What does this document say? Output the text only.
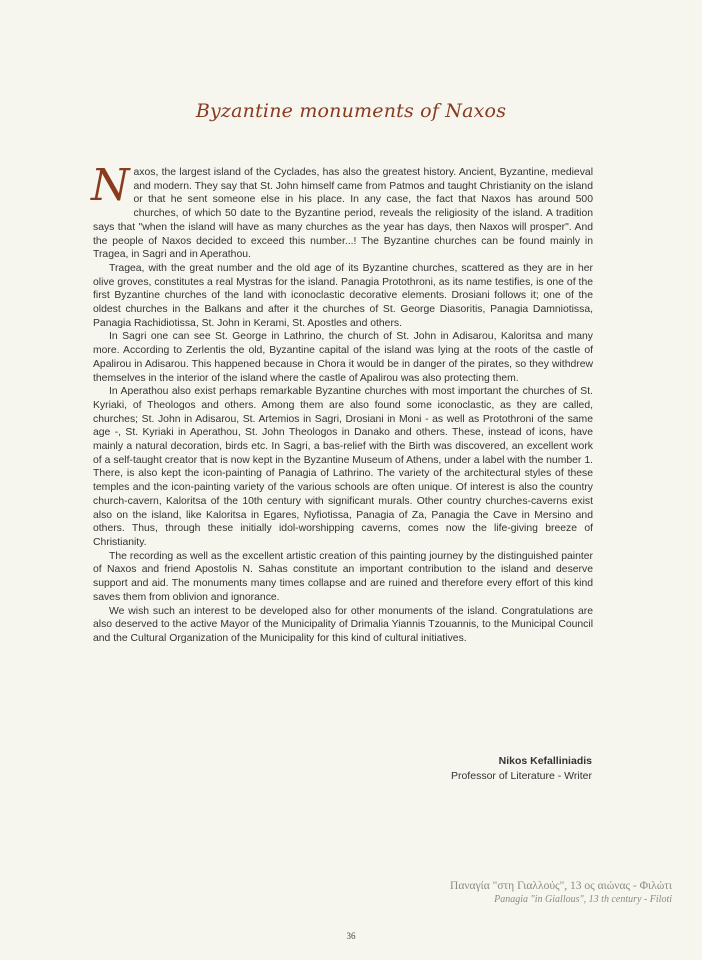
Byzantine monuments of Naxos

Naxos, the largest island of the Cyclades, has also the greatest history. Ancient, Byzantine, medieval and modern. They say that St. John himself came from Patmos and taught Christianity on the island or that he sent someone else in his place. In any case, the fact that Naxos has around 500 churches, of which 50 date to the Byzantine period, reveals the religiosity of the island. A tradition says that "when the island will have as many churches as the year has days, then Naxos will prosper". And the people of Naxos decided to exceed this number...! The Byzantine churches can be found mainly in Tragea, in Sagri and in Aperathou.

Tragea, with the great number and the old age of its Byzantine churches, scattered as they are in her olive groves, constitutes a real Mystras for the island. Panagia Protothroni, as its name testifies, is one of the first Byzantine churches of the land with iconoclastic decorative elements. Drosiani follows it; one of the oldest churches in the Balkans and after it the churches of St. George Diasoritis, Panagia Damniotissa, Panagia Rachidiotissa, St. John in Kerami, St. Apostles and others.

In Sagri one can see St. George in Lathrino, the church of St. John in Adisarou, Kaloritsa and many more. According to Zerlentis the old, Byzantine capital of the island was lying at the roots of the castle of Apalirou in Adisarou. This happened because in Chora it would be in danger of the pirates, so they withdrew themselves in the interior of the island where the castle of Apalirou was also protecting them.

In Aperathou also exist perhaps remarkable Byzantine churches with most important the churches of St. Kyriaki, of Theologos and others. Among them are also found some iconoclastic, as they are called, churches; St. John in Adisarou, St. Artemios in Sagri, Drosiani in Moni - as well as Protothroni of the same age -, St. Kyriaki in Aperathou, St. John Theologos in Danako and others. These, instead of icons, have mainly a natural decoration, birds etc. In Sagri, a bas-relief with the Birth was discovered, an excellent work of a self-taught creator that is now kept in the Byzantine Museum of Athens, under a label with the number 1. There, is also kept the icon-painting of Panagia of Lathrino. The variety of the architectural styles of these temples and the icon-painting variety of the various schools are often unique. Of interest is also the country church-cavern, Kaloritsa of the 10th century with significant murals. Other country churches-caverns exist also on the island, like Kaloritsa in Egares, Nyfiotissa, Panagia of Za, Panagia the Cave in Mersino and others. Thus, through these initially idol-worshipping caverns, comes now the life-giving breeze of Christianity.

The recording as well as the excellent artistic creation of this painting journey by the distinguished painter of Naxos and friend Apostolis N. Sahas constitute an important contribution to the island and deserve support and aid. The monuments many times collapse and are ruined and therefore every effort of this kind saves them from oblivion and ignorance.

We wish such an interest to be developed also for other monuments of the island. Congratulations are also deserved to the active Mayor of the Municipality of Drimalia Yiannis Tzouannis, to the Municipal Council and the Cultural Organization of the Municipality for this kind of cultural initiatives.

Nikos Kefalliniadis
Professor of Literature - Writer
Παναγία "στη Γιαλλούς", 13 ος αιώνας - Φιλώτι
Panagia "in Giallous", 13 th century - Filoti
36
